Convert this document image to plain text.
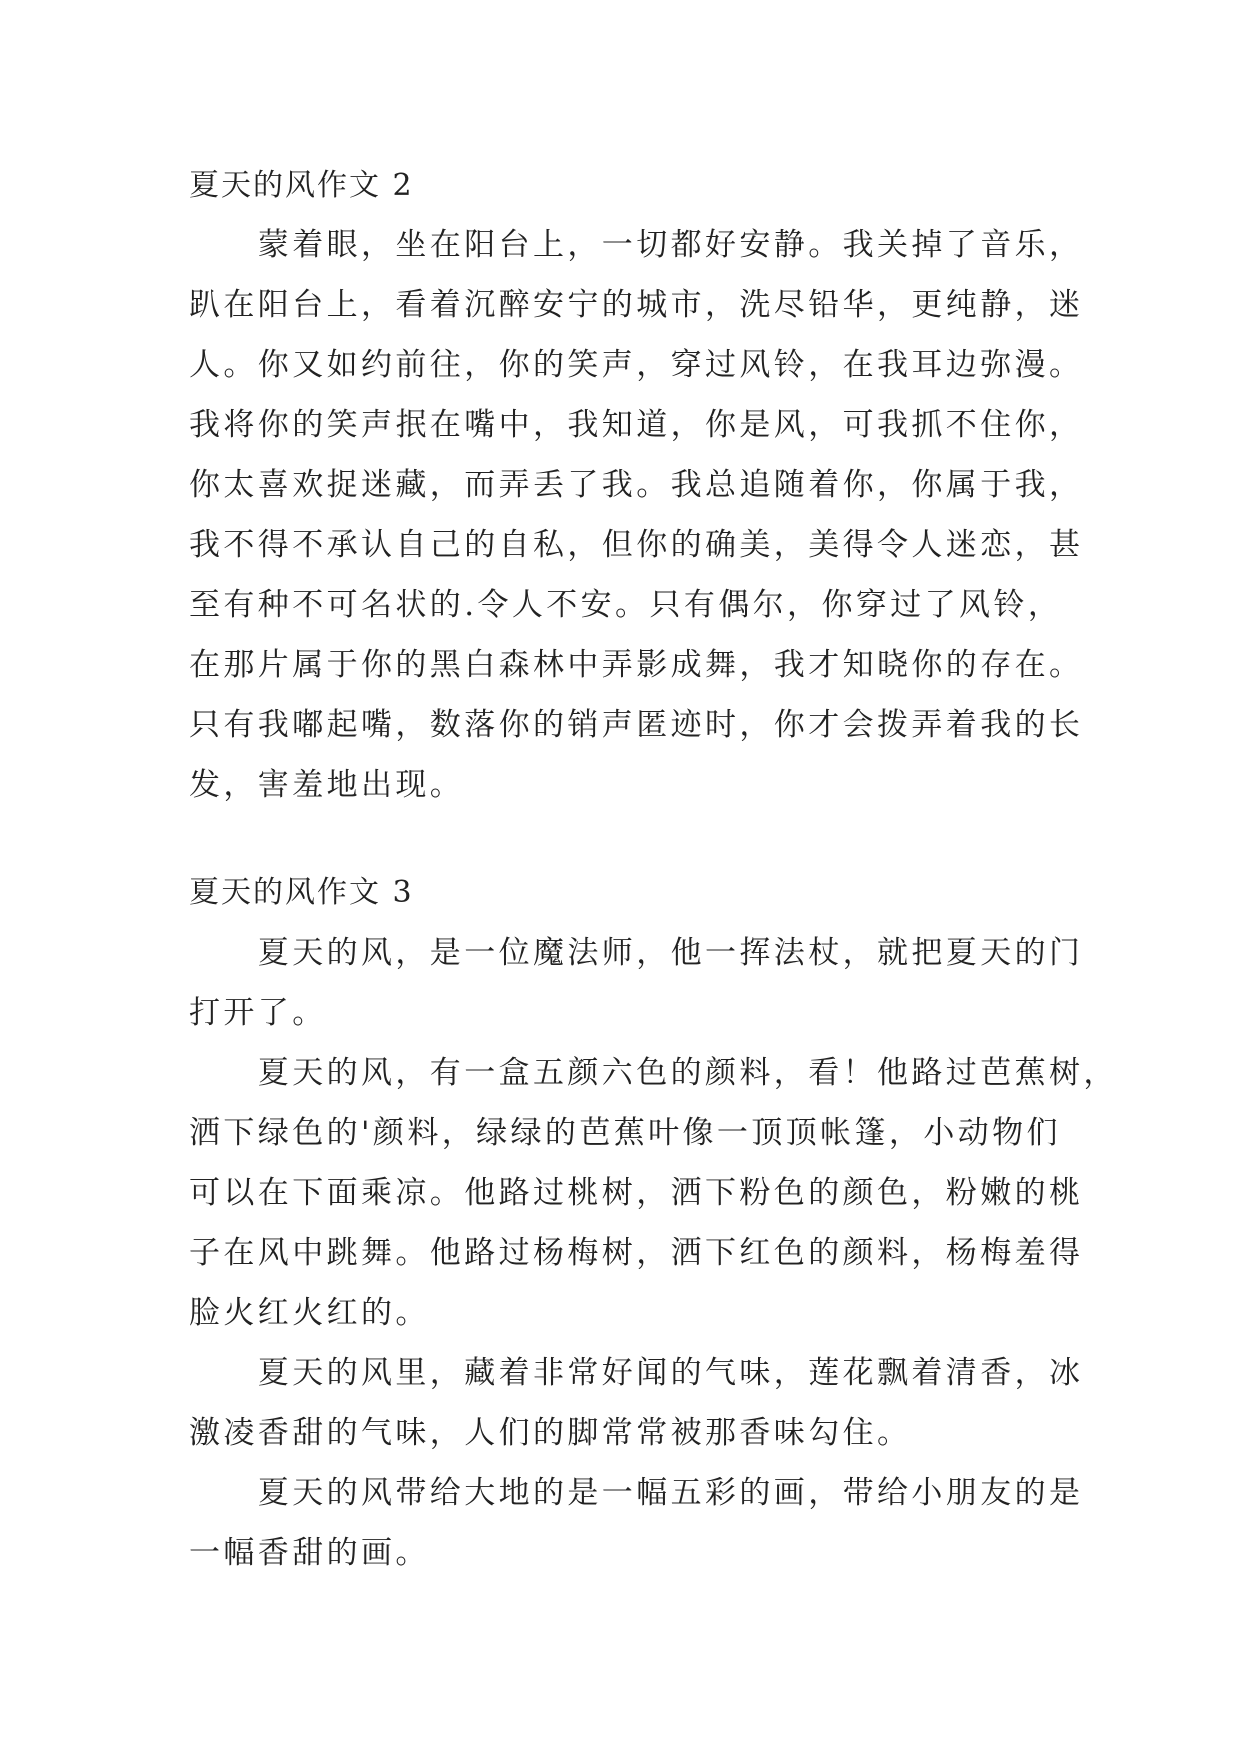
夏天的风作文 2
　　蒙着眼，坐在阳台上，一切都好安静。我关掉了音乐，
趴在阳台上，看着沉醉安宁的城市，洗尽铅华，更纯静，迷
人。你又如约前往，你的笑声，穿过风铃，在我耳边弥漫。
我将你的笑声抿在嘴中，我知道，你是风，可我抓不住你，
你太喜欢捉迷藏，而弄丢了我。我总追随着你，你属于我，
我不得不承认自己的自私，但你的确美，美得令人迷恋，甚
至有种不可名状的.令人不安。只有偶尔，你穿过了风铃，
在那片属于你的黑白森林中弄影成舞，我才知晓你的存在。
只有我嘟起嘴，数落你的销声匿迹时，你才会拨弄着我的长
发，害羞地出现。
夏天的风作文 3
　　夏天的风，是一位魔法师，他一挥法杖，就把夏天的门
打开了。
　　夏天的风，有一盒五颜六色的颜料，看！他路过芭蕉树，
洒下绿色的'颜料，绿绿的芭蕉叶像一顶顶帐篷，小动物们
可以在下面乘凉。他路过桃树，洒下粉色的颜色，粉嫩的桃
子在风中跳舞。他路过杨梅树，洒下红色的颜料，杨梅羞得
脸火红火红的。
　　夏天的风里，藏着非常好闻的气味，莲花飘着清香，冰
激凌香甜的气味，人们的脚常常被那香味勾住。
　　夏天的风带给大地的是一幅五彩的画，带给小朋友的是
一幅香甜的画。
